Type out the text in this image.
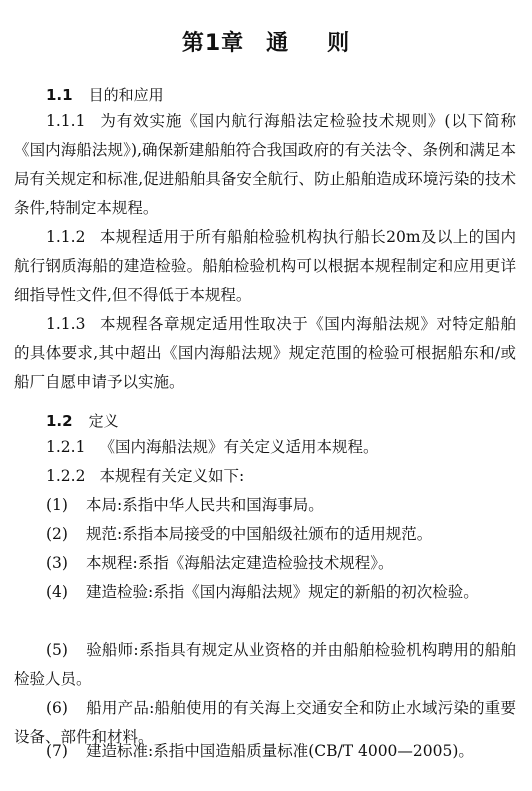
第1章 通 则
1.1 目的和应用

1.1.1 为有效实施《国内航行海船法定检验技术规则》(以下简称《国内海船法规》),确保新建船舶符合我国政府的有关法令、条例和满足本局有关规定和标准,促进船舶具备安全航行、防止船舶造成环境污染的技术条件,特制定本规程。

1.1.2 本规程适用于所有船舶检验机构执行船长20m及以上的国内航行钢质海船的建造检验。船舶检验机构可以根据本规程制定和应用更详细指导性文件,但不得低于本规程。

1.1.3 本规程各章规定适用性取决于《国内海船法规》对特定船舶的具体要求,其中超出《国内海船法规》规定范围的检验可根据船东和/或船厂自愿申请予以实施。

1.2 定义

1.2.1 《国内海船法规》有关定义适用本规程。

1.2.2 本规程有关定义如下:

(1) 本局:系指中华人民共和国海事局。

(2) 规范:系指本局接受的中国船级社颁布的适用规范。

(3) 本规程:系指《海船法定建造检验技术规程》。

(4) 建造检验:系指《国内海船法规》规定的新船的初次检验。

(5) 验船师:系指具有规定从业资格的并由船舶检验机构聘用的船舶检验人员。

(6) 船用产品:船舶使用的有关海上交通安全和防止水域污染的重要设备、部件和材料。

(7) 建造标准:系指中国造船质量标准(CB/T 4000—2005)。
